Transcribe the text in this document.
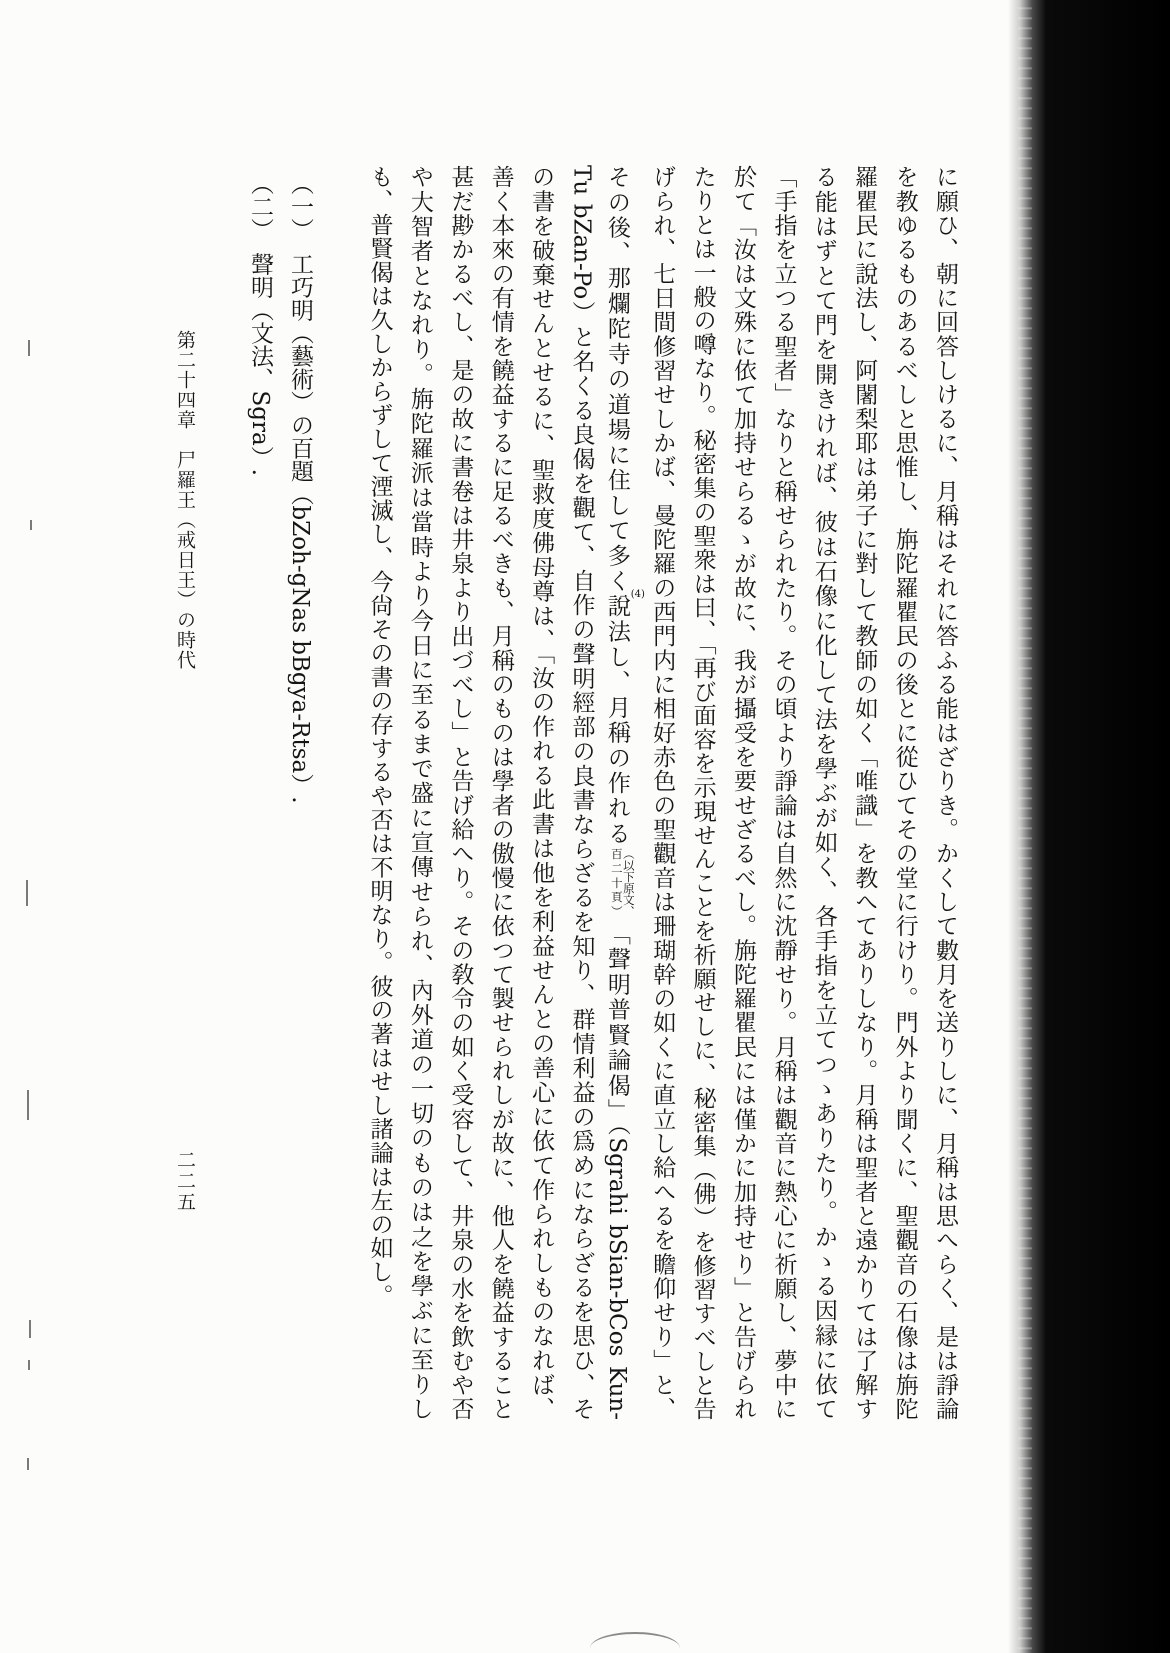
に願ひ、朝に回答しけるに、月稱はそれに答ふる能はざりき。かくして數月を送りしに、月稱は思へらく、是は諍論
を教ゆるものあるべしと思惟し、旃陀羅瞿民の後とに從ひてその堂に行けり。門外より聞くに、聖觀音の石像は旃陀
羅瞿民に說法し、阿闍梨耶は弟子に對して教師の如く「唯識」を教へてありしなり。月稱は聖者と遠かりては了解す
る能はずとて門を開きければ、彼は石像に化して法を學ぶが如く、各手指を立てつゝありたり。かゝる因縁に依て
「手指を立つる聖者」なりと稱せられたり。その頃より諍論は自然に沈靜せり。月稱は觀音に熱心に祈願し、夢中に
於て「汝は文殊に依て加持せらるゝが故に、我が攝受を要せざるべし。旃陀羅瞿民には僅かに加持せり」と告げられ
たりとは一般の噂なり。秘密集の聖衆は曰、「再び面容を示現せんことを祈願せしに、秘密集（佛）を修習すべしと告
げられ、七日間修習せしかば、曼陀羅の西門内に相好赤色の聖觀音は珊瑚幹の如くに直立し給へるを瞻仰せり」と、
その後、那爛陀寺の道場に住して多く說 (4)
法し、月稱の作れる
（以下原文、
百二十頁）
「聲明普賢論偈」（Sgrahi bSian-bCos Kun-
Tu bZan-Po）と名くる良偈を觀て、自作の聲明經部の良書ならざるを知り、群情利益の爲めにならざるを思ひ、そ
の書を破棄せんとせるに、聖救度佛母尊は、「汝の作れる此書は他を利益せんとの善心に依て作られしものなれば、
善く本來の有情を饒益するに足るべきも、月稱のものは學者の傲慢に依つて製せられしが故に、他人を饒益すること
甚だ尠かるべし、是の故に書卷は井泉より出づべし」と告げ給へり。その敎令の如く受容して、井泉の水を飲むや否
や大智者となれり。旃陀羅派は當時より今日に至るまで盛に宣傳せられ、內外道の一切のものは之を學ぶに至りし
も、普賢偈は久しからずして湮滅し、今尙その書の存するや否は不明なり。彼の著はせし諸論は左の如し。
（一）　工巧明（藝術）の百題（bZoh-gNas bBgya-Rtsa）.
（二）　聲明（文法、Sgra）.
第二十四章　尸羅王（戒日王）の時代
二二五
